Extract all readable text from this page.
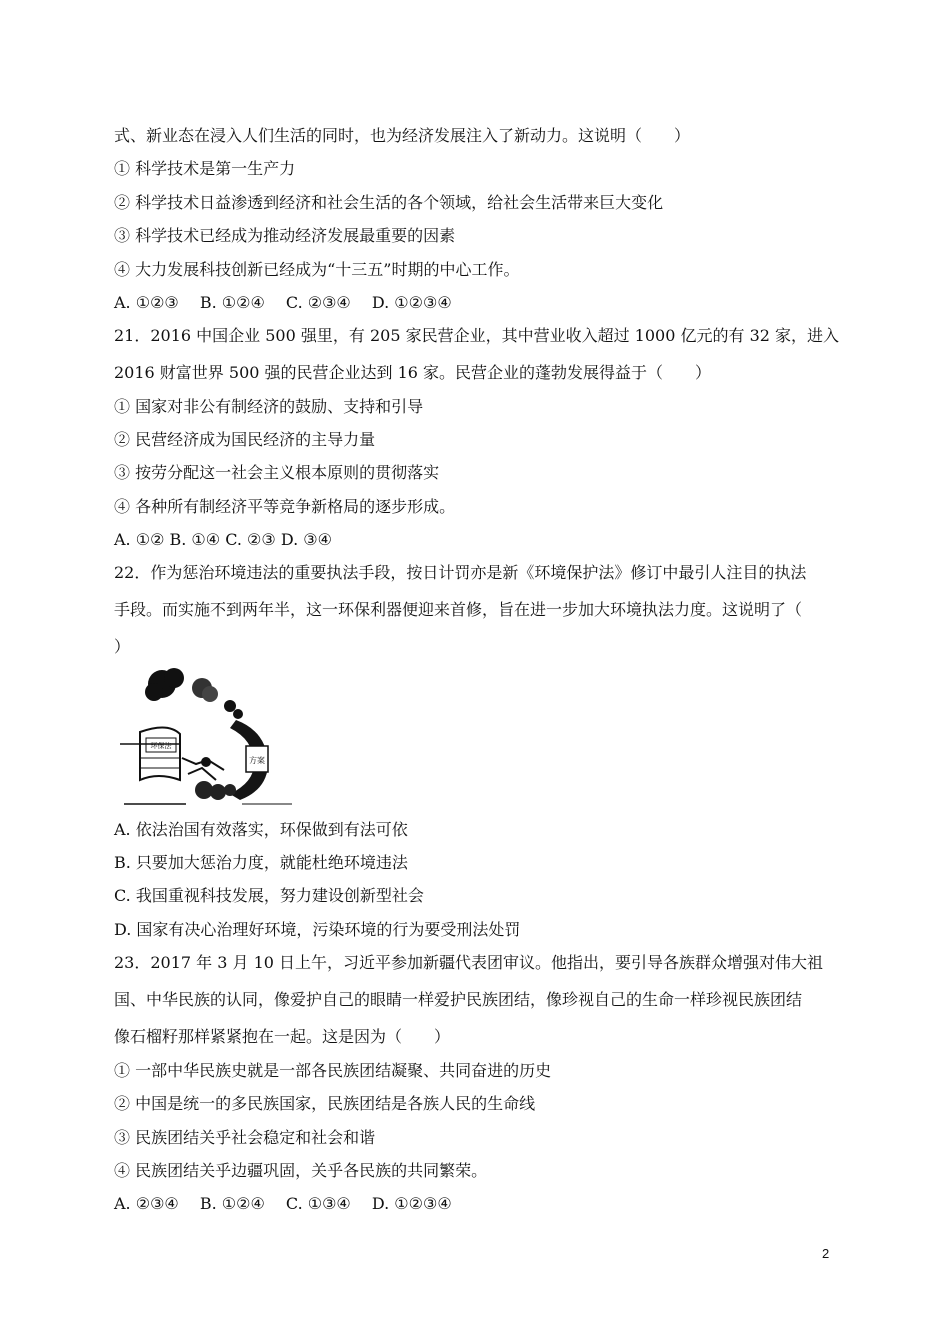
式、新业态在浸入人们生活的同时，也为经济发展注入了新动力。这说明（　　）
① 科学技术是第一生产力
② 科学技术日益渗透到经济和社会生活的各个领域，给社会生活带来巨大变化
③ 科学技术已经成为推动经济发展最重要的因素
④ 大力发展科技创新已经成为“十三五”时期的中心工作。
A. ①②③　 B. ①②④　 C. ②③④　 D. ①②③④
21．2016 中国企业 500 强里，有 205 家民营企业，其中营业收入超过 1000 亿元的有 32 家，进入
2016 财富世界 500 强的民营企业达到 16 家。民营企业的蓬勃发展得益于（　　）
① 国家对非公有制经济的鼓励、支持和引导
② 民营经济成为国民经济的主导力量
③ 按劳分配这一社会主义根本原则的贯彻落实
④ 各种所有制经济平等竞争新格局的逐步形成。
A. ①② B. ①④ C. ②③ D. ③④
22．作为惩治环境违法的重要执法手段，按日计罚亦是新《环境保护法》修订中最引人注目的执法
手段。而实施不到两年半，这一环保利器便迎来首修，旨在进一步加大环境执法力度。这说明了（
）
方案
环保法
A. 依法治国有效落实，环保做到有法可依
B. 只要加大惩治力度，就能杜绝环境违法
C. 我国重视科技发展，努力建设创新型社会
D. 国家有决心治理好环境，污染环境的行为要受刑法处罚
23．2017 年 3 月 10 日上午，习近平参加新疆代表团审议。他指出，要引导各族群众增强对伟大祖
国、中华民族的认同，像爱护自己的眼睛一样爱护民族团结，像珍视自己的生命一样珍视民族团结
像石榴籽那样紧紧抱在一起。这是因为（　　）
① 一部中华民族史就是一部各民族团结凝聚、共同奋进的历史
② 中国是统一的多民族国家，民族团结是各族人民的生命线
③ 民族团结关乎社会稳定和社会和谐
④ 民族团结关乎边疆巩固，关乎各民族的共同繁荣。
A. ②③④　 B. ①②④　 C. ①③④　 D. ①②③④
2
